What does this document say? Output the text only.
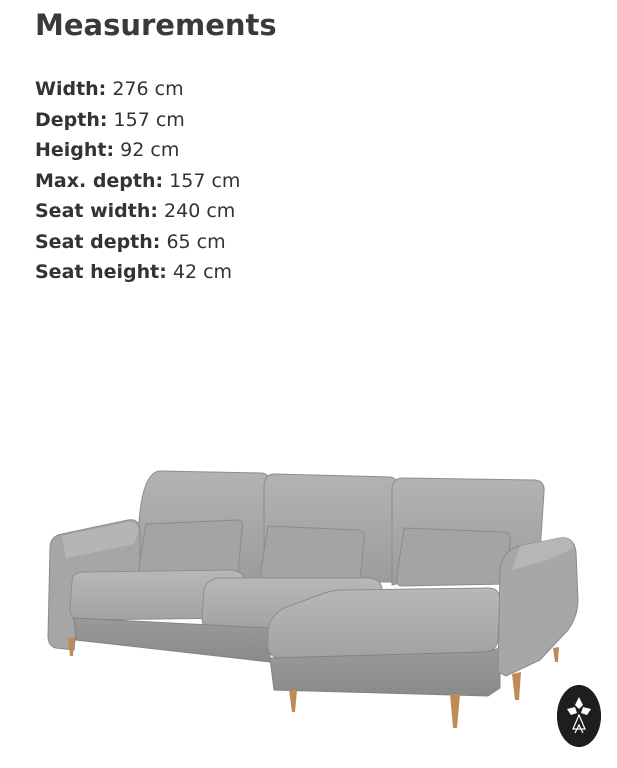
Measurements
Width: 276 cm
Depth: 157 cm
Height: 92 cm
Max. depth: 157 cm
Seat width: 240 cm
Seat depth: 65 cm
Seat height: 42 cm
